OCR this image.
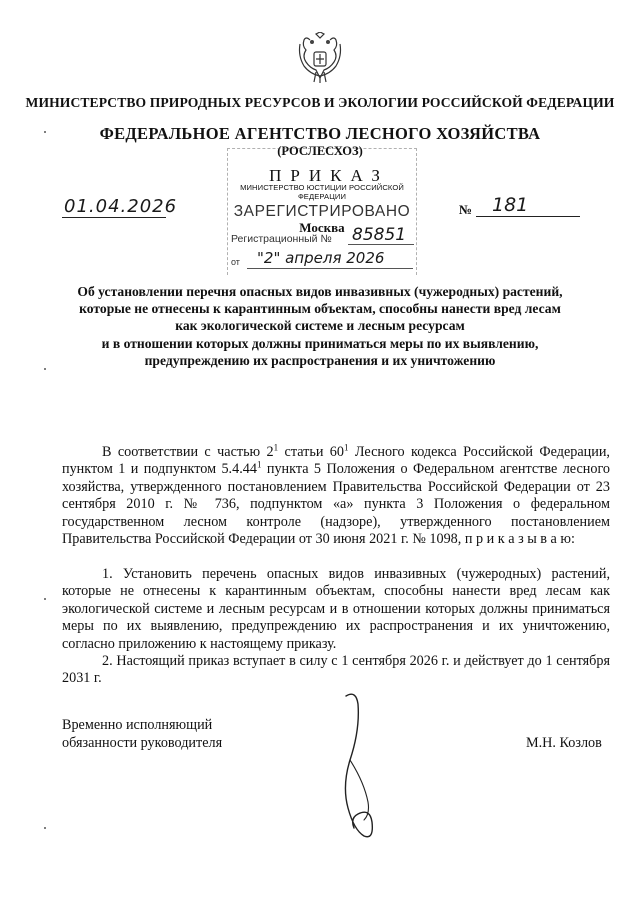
МИНИСТЕРСТВО ПРИРОДНЫХ РЕСУРСОВ И ЭКОЛОГИИ РОССИЙСКОЙ ФЕДЕРАЦИИ
ФЕДЕРАЛЬНОЕ АГЕНТСТВО ЛЕСНОГО ХОЗЯЙСТВА
(РОСЛЕСХОЗ)
ПРИКАЗ
01.04.2026	№ 181
МИНИСТЕРСТВО ЮСТИЦИИ РОССИЙСКОЙ ФЕДЕРАЦИИ
ЗАРЕГИСТРИРОВАНО
Москва
Регистрационный № 85851
от "2" апреля 2026
Об установлении перечня опасных видов инвазивных (чужеродных) растений,
которые не отнесены к карантинным объектам, способны нанести вред лесам
как экологической системе и лесным ресурсам
и в отношении которых должны приниматься меры по их выявлению,
предупреждению их распространения и их уничтожению
В соответствии с частью $2^1$ статьи $60^1$ Лесного кодекса Российской Федерации, пунктом 1 и подпунктом 5.4.44$^1$ пункта 5 Положения о Федеральном агентстве лесного хозяйства, утвержденного постановлением Правительства Российской Федерации от 23 сентября 2010 г. № 736, подпунктом «а» пункта 3 Положения о федеральном государственном лесном контроле (надзоре), утвержденного постановлением Правительства Российской Федерации от 30 июня 2021 г. № 1098, п р и к а з ы в а ю:
1. Установить перечень опасных видов инвазивных (чужеродных) растений, которые не отнесены к карантинным объектам, способны нанести вред лесам как экологической системе и лесным ресурсам и в отношении которых должны приниматься меры по их выявлению, предупреждению их распространения и их уничтожению, согласно приложению к настоящему приказу.
2. Настоящий приказ вступает в силу с 1 сентября 2026 г. и действует до 1 сентября 2031 г.
Временно исполняющий
обязанности руководителя	М.Н. Козлов
